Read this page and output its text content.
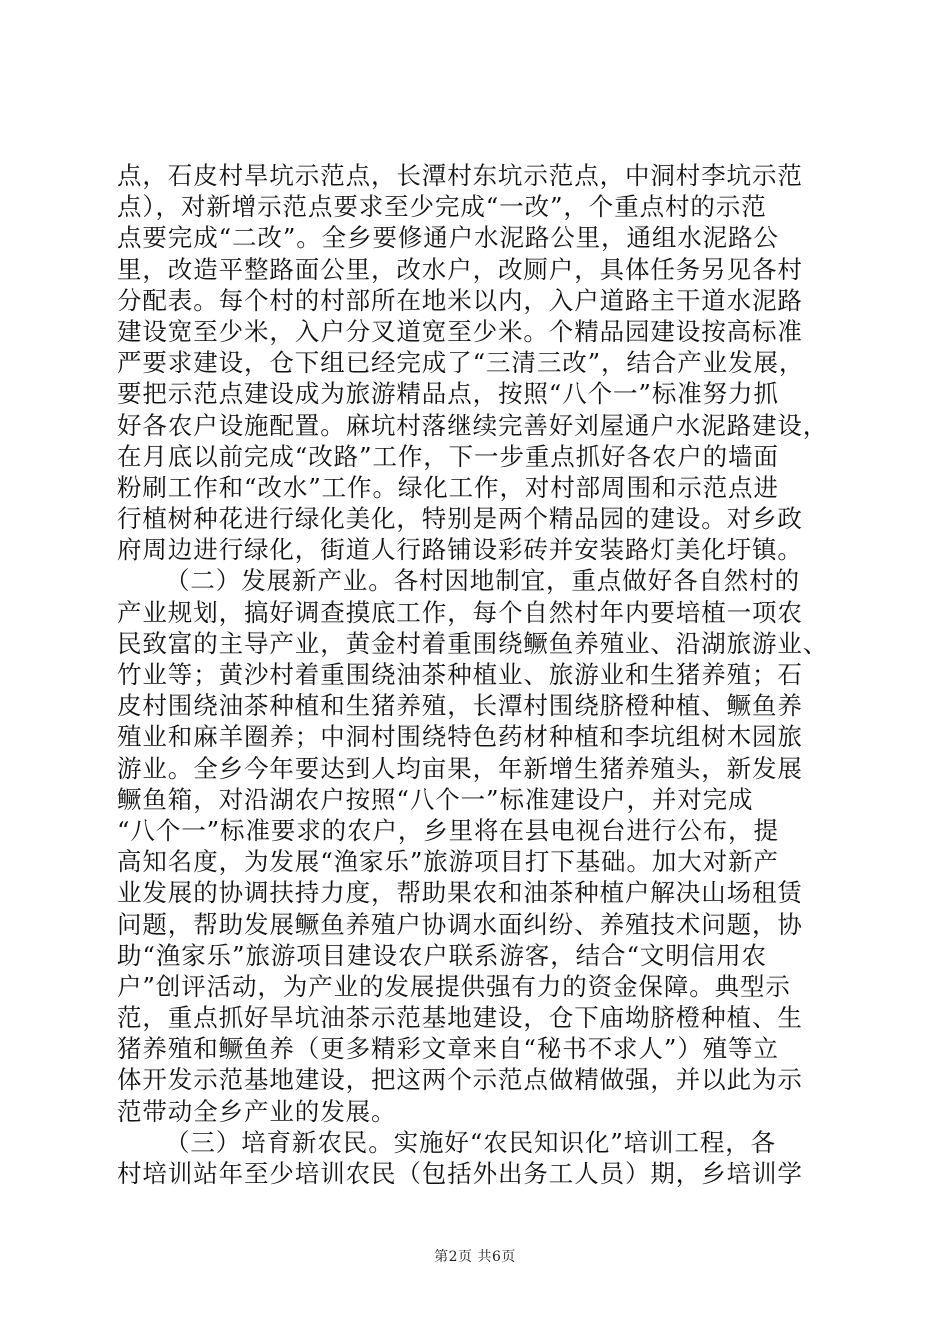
点，石皮村旱坑示范点，长潭村东坑示范点，中洞村李坑示范
点），对新增示范点要求至少完成“一改”，个重点村的示范
点要完成“二改”。全乡要修通户水泥路公里，通组水泥路公
里，改造平整路面公里，改水户，改厕户，具体任务另见各村
分配表。每个村的村部所在地米以内，入户道路主干道水泥路
建设宽至少米，入户分叉道宽至少米。个精品园建设按高标准
严要求建设，仓下组已经完成了“三清三改”，结合产业发展，
要把示范点建设成为旅游精品点，按照“八个一”标准努力抓
好各农户设施配置。麻坑村落继续完善好刘屋通户水泥路建设，
在月底以前完成“改路”工作，下一步重点抓好各农户的墙面
粉刷工作和“改水”工作。绿化工作，对村部周围和示范点进
行植树种花进行绿化美化，特别是两个精品园的建设。对乡政
府周边进行绿化，街道人行路铺设彩砖并安装路灯美化圩镇。
（二）发展新产业。各村因地制宜，重点做好各自然村的
产业规划，搞好调查摸底工作，每个自然村年内要培植一项农
民致富的主导产业，黄金村着重围绕鳜鱼养殖业、沿湖旅游业、
竹业等；黄沙村着重围绕油茶种植业、旅游业和生猪养殖；石
皮村围绕油茶种植和生猪养殖，长潭村围绕脐橙种植、鳜鱼养
殖业和麻羊圈养；中洞村围绕特色药材种植和李坑组树木园旅
游业。全乡今年要达到人均亩果，年新增生猪养殖头，新发展
鳜鱼箱，对沿湖农户按照“八个一”标准建设户，并对完成
“八个一”标准要求的农户，乡里将在县电视台进行公布，提
高知名度，为发展“渔家乐”旅游项目打下基础。加大对新产
业发展的协调扶持力度，帮助果农和油茶种植户解决山场租赁
问题，帮助发展鳜鱼养殖户协调水面纠纷、养殖技术问题，协
助“渔家乐”旅游项目建设农户联系游客，结合“文明信用农
户”创评活动，为产业的发展提供强有力的资金保障。典型示
范，重点抓好旱坑油茶示范基地建设，仓下庙坳脐橙种植、生
猪养殖和鳜鱼养（更多精彩文章来自“秘书不求人”）殖等立
体开发示范基地建设，把这两个示范点做精做强，并以此为示
范带动全乡产业的发展。
（三）培育新农民。实施好“农民知识化”培训工程，各
村培训站年至少培训农民（包括外出务工人员）期，乡培训学
第2页 共6页
